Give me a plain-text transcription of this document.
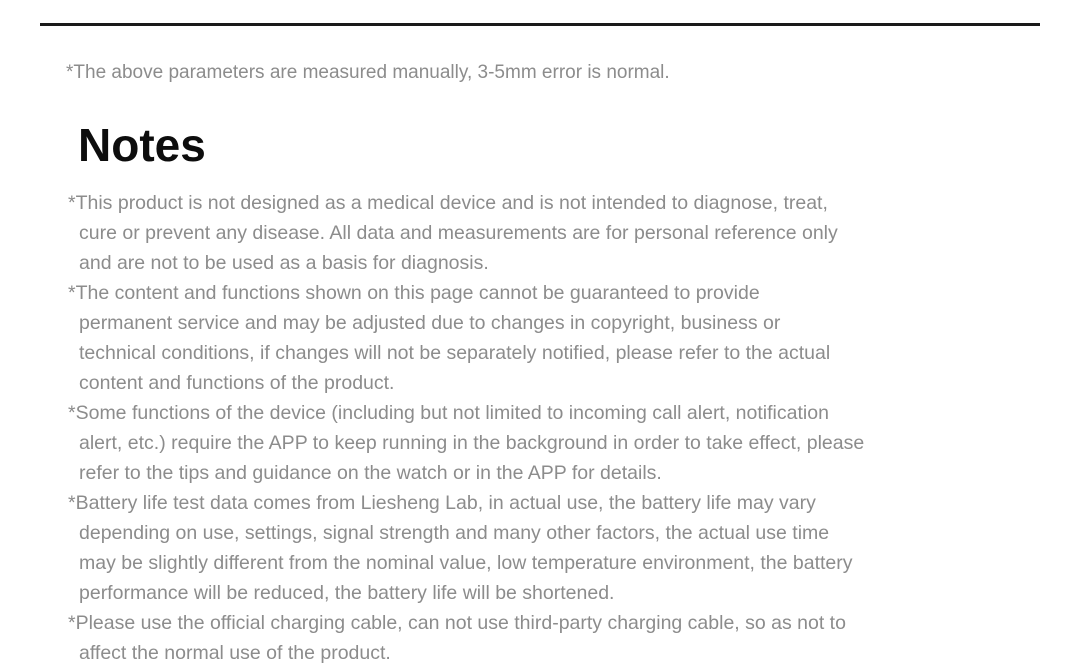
*The above parameters are measured manually, 3-5mm error is normal.
Notes
*This product is not designed as a medical device and is not intended to diagnose, treat,
cure or prevent any disease. All data and measurements are for personal reference only
and are not to be used as a basis for diagnosis.
*The content and functions shown on this page cannot be guaranteed to provide
permanent service and may be adjusted due to changes in copyright, business or
technical conditions, if changes will not be separately notified, please refer to the actual
content and functions of the product.
*Some functions of the device (including but not limited to incoming call alert, notification
alert, etc.) require the APP to keep running in the background in order to take effect, please
refer to the tips and guidance on the watch or in the APP for details.
*Battery life test data comes from Liesheng Lab, in actual use, the battery life may vary
depending on use, settings, signal strength and many other factors, the actual use time
may be slightly different from the nominal value, low temperature environment, the battery
performance will be reduced, the battery life will be shortened.
*Please use the official charging cable, can not use third-party charging cable, so as not to
affect the normal use of the product.
